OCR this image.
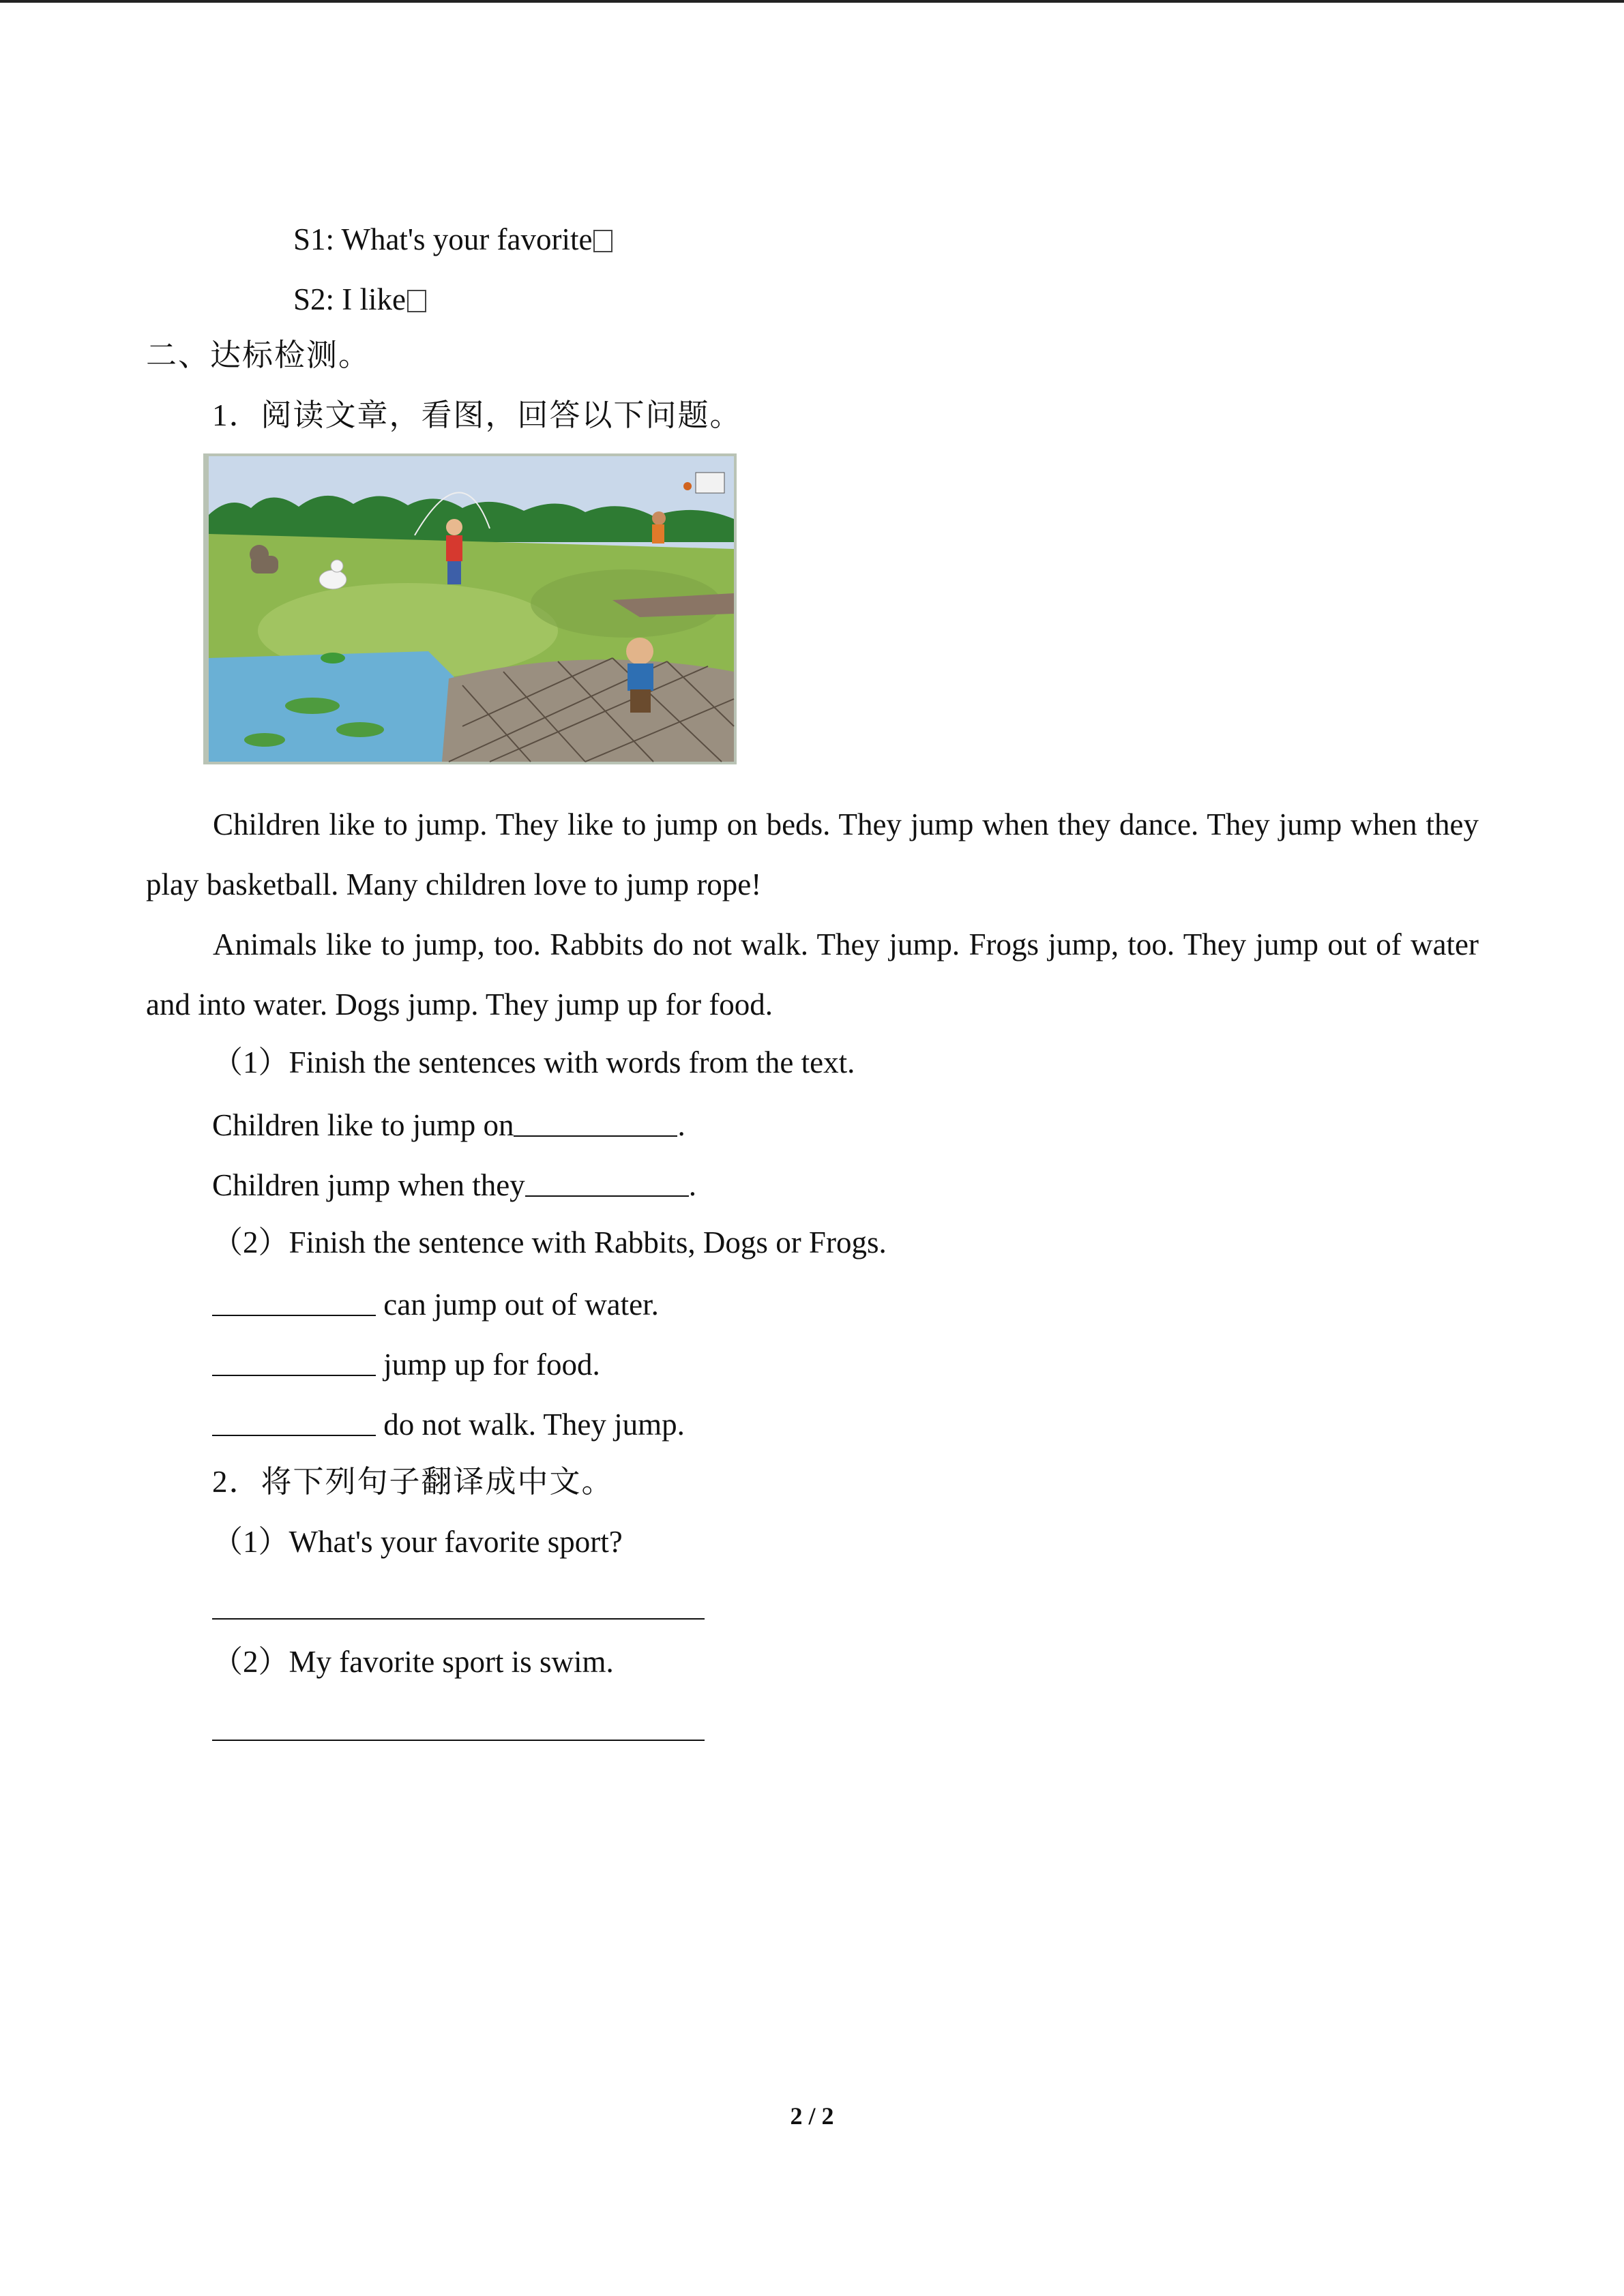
S1: What's your favorite
S2: I like
二、达标检测。
1．阅读文章，看图，回答以下问题。
Children like to jump. They like to jump on beds. They jump when they dance. They jump when they play basketball. Many children love to jump rope!
Animals like to jump, too. Rabbits do not walk. They jump. Frogs jump, too. They jump out of water and into water. Dogs jump. They jump up for food.
（1）Finish the sentences with words from the text.
Children like to jump on	.
Children jump when they	.
（2）Finish the sentence with Rabbits, Dogs or Frogs.
can jump out of water.
jump up for food.
do not walk. They jump.
2．将下列句子翻译成中文。
（1）What's your favorite sport?
（2）My favorite sport is swim.
2 / 2
